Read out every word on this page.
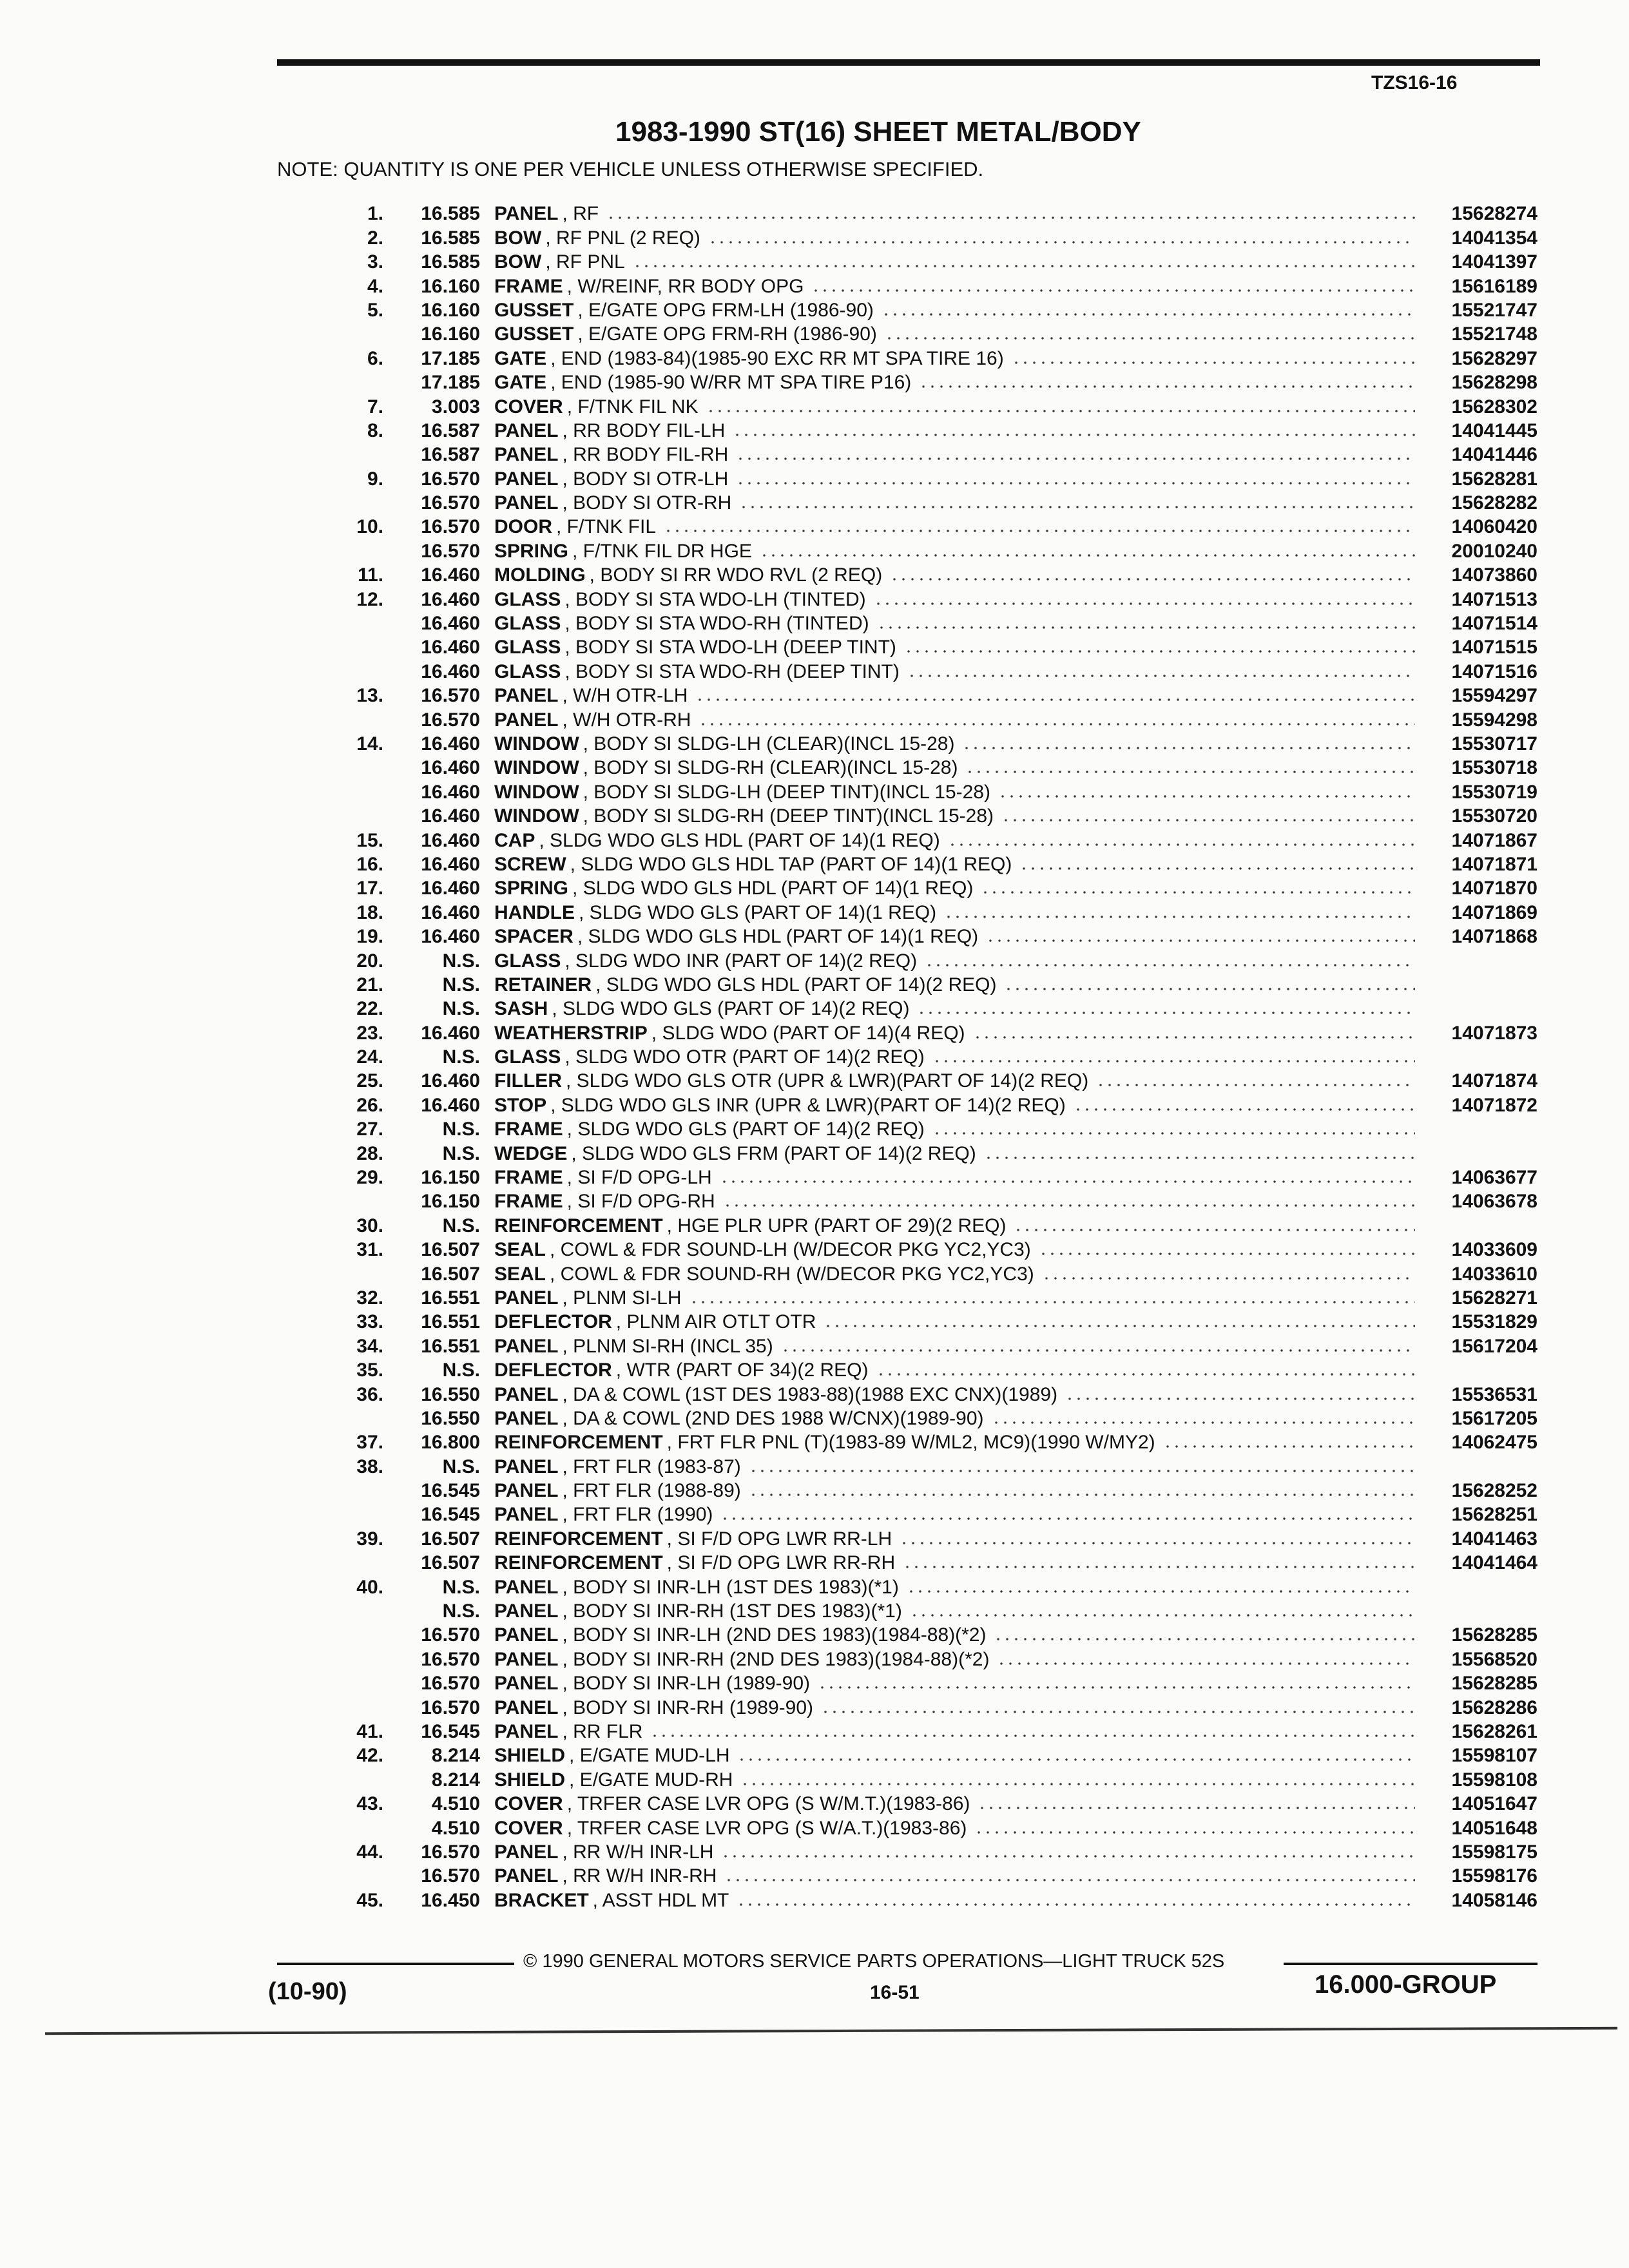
TZS16-16
1983-1990 ST(16) SHEET METAL/BODY
NOTE: QUANTITY IS ONE PER VEHICLE UNLESS OTHERWISE SPECIFIED.
1.	16.585 PANEL , RF	15628274
2.	16.585 BOW , RF PNL (2 REQ)	14041354
3.	16.585 BOW , RF PNL	14041397
4.	16.160 FRAME , W/REINF, RR BODY OPG	15616189
5.	16.160 GUSSET , E/GATE OPG FRM-LH (1986-90)	15521747
16.160 GUSSET , E/GATE OPG FRM-RH (1986-90)	15521748
6.	17.185 GATE , END (1983-84)(1985-90 EXC RR MT SPA TIRE 16)	15628297
17.185 GATE , END (1985-90 W/RR MT SPA TIRE P16)	15628298
7.	3.003 COVER , F/TNK FIL NK	15628302
8.	16.587 PANEL , RR BODY FIL-LH	14041445
16.587 PANEL , RR BODY FIL-RH	14041446
9.	16.570 PANEL , BODY SI OTR-LH	15628281
16.570 PANEL , BODY SI OTR-RH	15628282
10.	16.570 DOOR , F/TNK FIL	14060420
16.570 SPRING , F/TNK FIL DR HGE	20010240
11.	16.460 MOLDING , BODY SI RR WDO RVL (2 REQ)	14073860
12.	16.460 GLASS , BODY SI STA WDO-LH (TINTED)	14071513
16.460 GLASS , BODY SI STA WDO-RH (TINTED)	14071514
16.460 GLASS , BODY SI STA WDO-LH (DEEP TINT)	14071515
16.460 GLASS , BODY SI STA WDO-RH (DEEP TINT)	14071516
13.	16.570 PANEL , W/H OTR-LH	15594297
16.570 PANEL , W/H OTR-RH	15594298
14.	16.460 WINDOW , BODY SI SLDG-LH (CLEAR)(INCL 15-28)	15530717
16.460 WINDOW , BODY SI SLDG-RH (CLEAR)(INCL 15-28)	15530718
16.460 WINDOW , BODY SI SLDG-LH (DEEP TINT)(INCL 15-28)	15530719
16.460 WINDOW , BODY SI SLDG-RH (DEEP TINT)(INCL 15-28)	15530720
15.	16.460 CAP , SLDG WDO GLS HDL (PART OF 14)(1 REQ)	14071867
16.	16.460 SCREW , SLDG WDO GLS HDL TAP (PART OF 14)(1 REQ)	14071871
17.	16.460 SPRING , SLDG WDO GLS HDL (PART OF 14)(1 REQ)	14071870
18.	16.460 HANDLE , SLDG WDO GLS (PART OF 14)(1 REQ)	14071869
19.	16.460 SPACER , SLDG WDO GLS HDL (PART OF 14)(1 REQ)	14071868
20.	N.S. GLASS , SLDG WDO INR (PART OF 14)(2 REQ)
21.	N.S. RETAINER , SLDG WDO GLS HDL (PART OF 14)(2 REQ)
22.	N.S. SASH , SLDG WDO GLS (PART OF 14)(2 REQ)
23.	16.460 WEATHERSTRIP , SLDG WDO (PART OF 14)(4 REQ)	14071873
24.	N.S. GLASS , SLDG WDO OTR (PART OF 14)(2 REQ)
25.	16.460 FILLER , SLDG WDO GLS OTR (UPR & LWR)(PART OF 14)(2 REQ)	14071874
26.	16.460 STOP , SLDG WDO GLS INR (UPR & LWR)(PART OF 14)(2 REQ)	14071872
27.	N.S. FRAME , SLDG WDO GLS (PART OF 14)(2 REQ)
28.	N.S. WEDGE , SLDG WDO GLS FRM (PART OF 14)(2 REQ)
29.	16.150 FRAME , SI F/D OPG-LH	14063677
16.150 FRAME , SI F/D OPG-RH	14063678
30.	N.S. REINFORCEMENT , HGE PLR UPR (PART OF 29)(2 REQ)
31.	16.507 SEAL , COWL & FDR SOUND-LH (W/DECOR PKG YC2,YC3)	14033609
16.507 SEAL , COWL & FDR SOUND-RH (W/DECOR PKG YC2,YC3)	14033610
32.	16.551 PANEL , PLNM SI-LH	15628271
33.	16.551 DEFLECTOR , PLNM AIR OTLT OTR	15531829
34.	16.551 PANEL , PLNM SI-RH (INCL 35)	15617204
35.	N.S. DEFLECTOR , WTR (PART OF 34)(2 REQ)
36.	16.550 PANEL , DA & COWL (1ST DES 1983-88)(1988 EXC CNX)(1989)	15536531
16.550 PANEL , DA & COWL (2ND DES 1988 W/CNX)(1989-90)	15617205
37.	16.800 REINFORCEMENT , FRT FLR PNL (T)(1983-89 W/ML2, MC9)(1990 W/MY2)	14062475
38.	N.S. PANEL , FRT FLR (1983-87)
16.545 PANEL , FRT FLR (1988-89)	15628252
16.545 PANEL , FRT FLR (1990)	15628251
39.	16.507 REINFORCEMENT , SI F/D OPG LWR RR-LH	14041463
16.507 REINFORCEMENT , SI F/D OPG LWR RR-RH	14041464
40.	N.S. PANEL , BODY SI INR-LH (1ST DES 1983)(*1)
N.S. PANEL , BODY SI INR-RH (1ST DES 1983)(*1)
16.570 PANEL , BODY SI INR-LH (2ND DES 1983)(1984-88)(*2)	15628285
16.570 PANEL , BODY SI INR-RH (2ND DES 1983)(1984-88)(*2)	15568520
16.570 PANEL , BODY SI INR-LH (1989-90)	15628285
16.570 PANEL , BODY SI INR-RH (1989-90)	15628286
41.	16.545 PANEL , RR FLR	15628261
42.	8.214 SHIELD , E/GATE MUD-LH	15598107
8.214 SHIELD , E/GATE MUD-RH	15598108
43.	4.510 COVER , TRFER CASE LVR OPG (S W/M.T.)(1983-86)	14051647
4.510 COVER , TRFER CASE LVR OPG (S W/A.T.)(1983-86)	14051648
44.	16.570 PANEL , RR W/H INR-LH	15598175
16.570 PANEL , RR W/H INR-RH	15598176
45.	16.450 BRACKET , ASST HDL MT	14058146
© 1990 GENERAL MOTORS SERVICE PARTS OPERATIONS—LIGHT TRUCK 52S
(10-90)	16-51	16.000-GROUP
